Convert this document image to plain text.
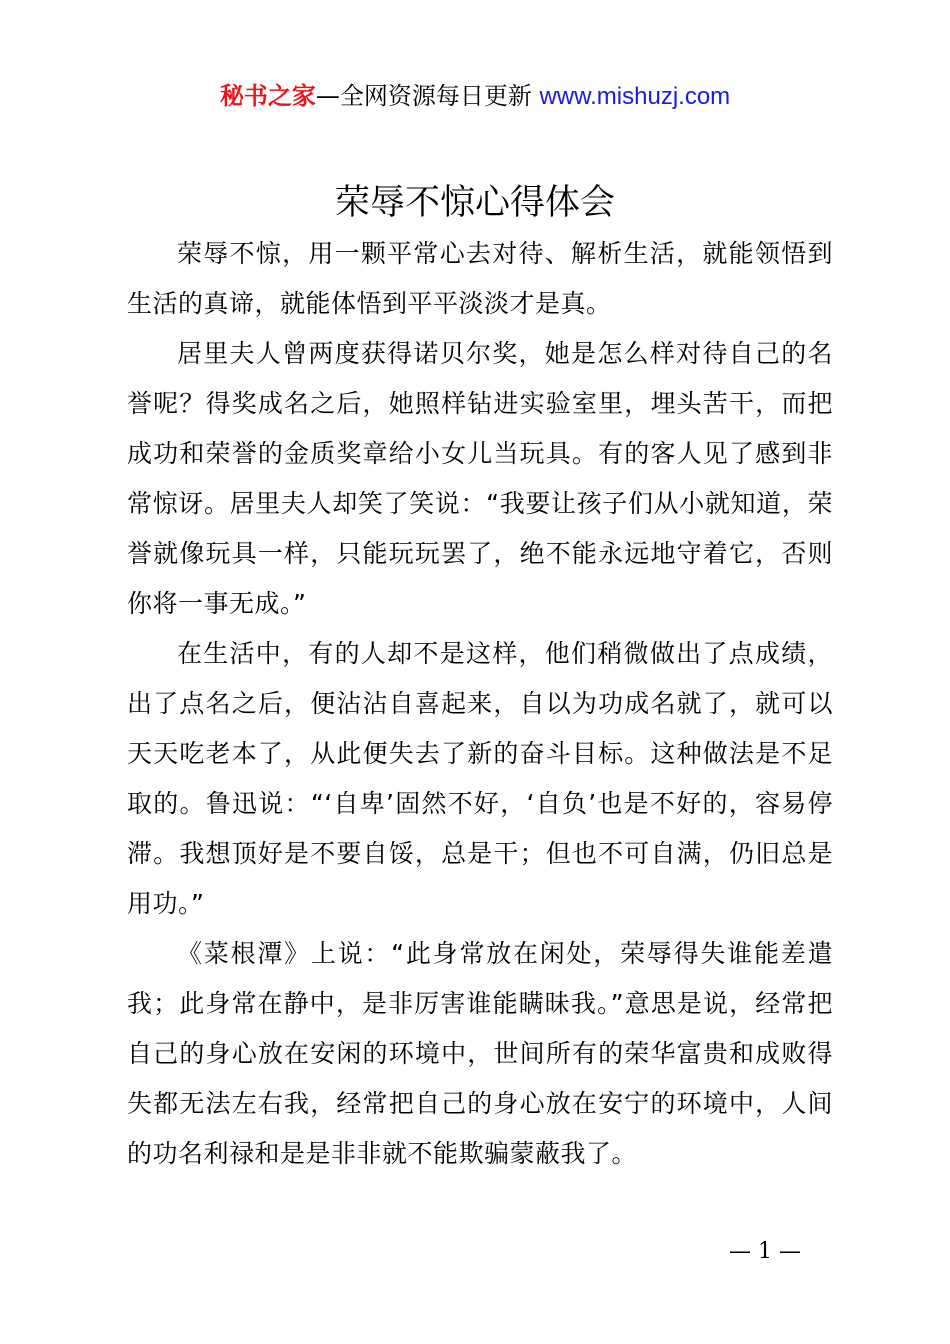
秘书之家—全网资源每日更新 www.mishuzj.com
荣辱不惊心得体会

荣辱不惊，用一颗平常心去对待、解析生活，就能领悟到生活的真谛，就能体悟到平平淡淡才是真。

居里夫人曾两度获得诺贝尔奖，她是怎么样对待自己的名誉呢？得奖成名之后，她照样钻进实验室里，埋头苦干，而把成功和荣誉的金质奖章给小女儿当玩具。有的客人见了感到非常惊讶。居里夫人却笑了笑说：“我要让孩子们从小就知道，荣誉就像玩具一样，只能玩玩罢了，绝不能永远地守着它，否则你将一事无成。”

在生活中，有的人却不是这样，他们稍微做出了点成绩，出了点名之后，便沾沾自喜起来，自以为功成名就了，就可以天天吃老本了，从此便失去了新的奋斗目标。这种做法是不足取的。鲁迅说：“‘自卑’固然不好，‘自负’也是不好的，容易停滞。我想顶好是不要自馁，总是干；但也不可自满，仍旧总是用功。”

《菜根潭》上说：“此身常放在闲处，荣辱得失谁能差遣我；此身常在静中，是非厉害谁能瞒昧我。”意思是说，经常把自己的身心放在安闲的环境中，世间所有的荣华富贵和成败得失都无法左右我，经常把自己的身心放在安宁的环境中，人间的功名利禄和是是非非就不能欺骗蒙蔽我了。

— 1 —
